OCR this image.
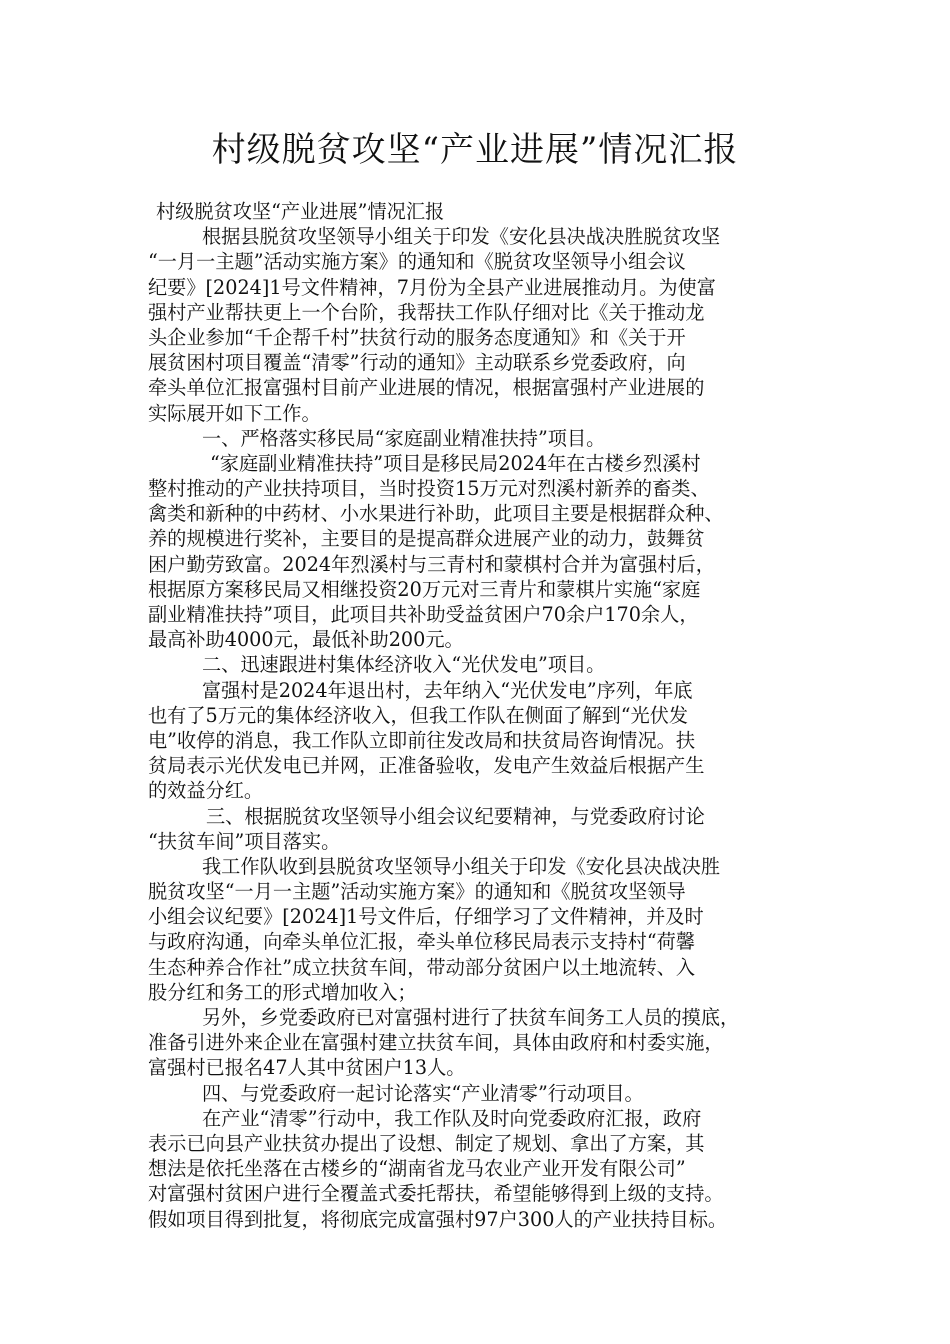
村级脱贫攻坚“产业进展”情况汇报
村级脱贫攻坚“产业进展”情况汇报
根据县脱贫攻坚领导小组关于印发《安化县决战决胜脱贫攻坚
“一月一主题”活动实施方案》的通知和《脱贫攻坚领导小组会议
纪要》[2024]1号文件精神，7月份为全县产业进展推动月。为使富
强村产业帮扶更上一个台阶，我帮扶工作队仔细对比《关于推动龙
头企业参加“千企帮千村”扶贫行动的服务态度通知》和《关于开
展贫困村项目覆盖“清零”行动的通知》主动联系乡党委政府，向
牵头单位汇报富强村目前产业进展的情况，根据富强村产业进展的
实际展开如下工作。
一、严格落实移民局“家庭副业精准扶持”项目。
“家庭副业精准扶持”项目是移民局2024年在古楼乡烈溪村
整村推动的产业扶持项目，当时投资15万元对烈溪村新养的畜类、
禽类和新种的中药材、小水果进行补助，此项目主要是根据群众种、
养的规模进行奖补，主要目的是提高群众进展产业的动力，鼓舞贫
困户勤劳致富。2024年烈溪村与三青村和蒙棋村合并为富强村后，
根据原方案移民局又相继投资20万元对三青片和蒙棋片实施“家庭
副业精准扶持”项目，此项目共补助受益贫困户70余户170余人，
最高补助4000元，最低补助200元。
二、迅速跟进村集体经济收入“光伏发电”项目。
富强村是2024年退出村，去年纳入“光伏发电”序列，年底
也有了5万元的集体经济收入，但我工作队在侧面了解到“光伏发
电”收停的消息，我工作队立即前往发改局和扶贫局咨询情况。扶
贫局表示光伏发电已并网，正准备验收，发电产生效益后根据产生
的效益分红。
三、根据脱贫攻坚领导小组会议纪要精神，与党委政府讨论
“扶贫车间”项目落实。
我工作队收到县脱贫攻坚领导小组关于印发《安化县决战决胜
脱贫攻坚“一月一主题”活动实施方案》的通知和《脱贫攻坚领导
小组会议纪要》[2024]1号文件后，仔细学习了文件精神，并及时
与政府沟通，向牵头单位汇报，牵头单位移民局表示支持村“荷馨
生态种养合作社”成立扶贫车间，带动部分贫困户以土地流转、入
股分红和务工的形式增加收入；
另外，乡党委政府已对富强村进行了扶贫车间务工人员的摸底，
准备引进外来企业在富强村建立扶贫车间，具体由政府和村委实施，
富强村已报名47人其中贫困户13人。
四、与党委政府一起讨论落实“产业清零”行动项目。
在产业“清零”行动中，我工作队及时向党委政府汇报，政府
表示已向县产业扶贫办提出了设想、制定了规划、拿出了方案，其
想法是依托坐落在古楼乡的“湖南省龙马农业产业开发有限公司”
对富强村贫困户进行全覆盖式委托帮扶，希望能够得到上级的支持。
假如项目得到批复，将彻底完成富强村97户300人的产业扶持目标。
